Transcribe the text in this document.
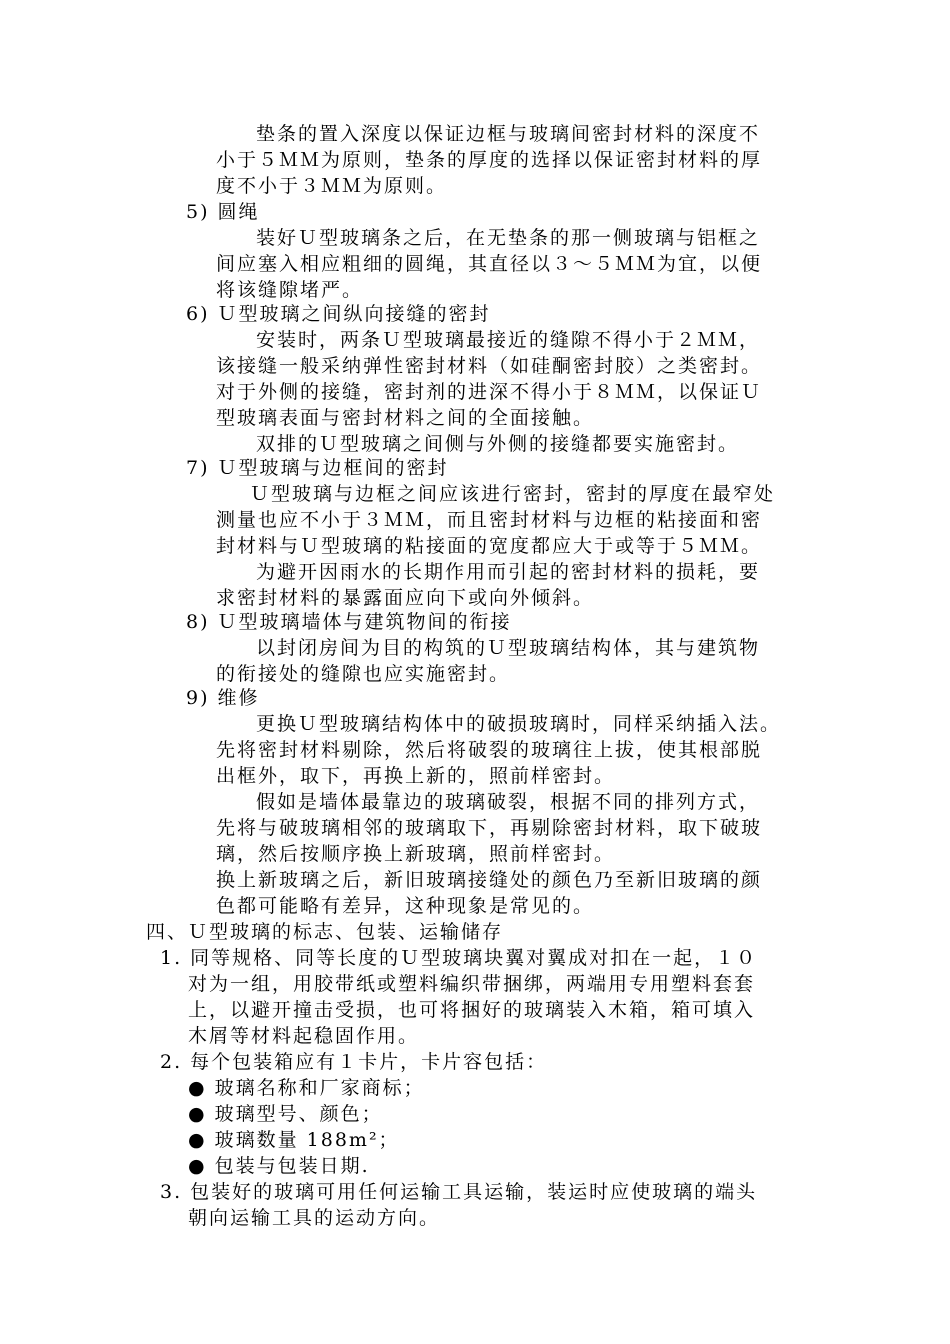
垫条的置入深度以保证边框与玻璃间密封材料的深度不
小于５ＭＭ为原则，垫条的厚度的选择以保证密封材料的厚
度不小于３ＭＭ为原则。
5) 圆绳
装好Ｕ型玻璃条之后，在无垫条的那一侧玻璃与铝框之
间应塞入相应粗细的圆绳，其直径以３～５ＭＭ为宜，以便
将该缝隙堵严。
6) Ｕ型玻璃之间纵向接缝的密封
安装时，两条Ｕ型玻璃最接近的缝隙不得小于２ＭＭ，
该接缝一般采纳弹性密封材料（如硅酮密封胶）之类密封。
对于外侧的接缝，密封剂的进深不得小于８ＭＭ，以保证Ｕ
型玻璃表面与密封材料之间的全面接触。
双排的Ｕ型玻璃之间侧与外侧的接缝都要实施密封。
7) Ｕ型玻璃与边框间的密封
Ｕ型玻璃与边框之间应该进行密封，密封的厚度在最窄处
测量也应不小于３ＭＭ，而且密封材料与边框的粘接面和密
封材料与Ｕ型玻璃的粘接面的宽度都应大于或等于５ＭＭ。
为避开因雨水的长期作用而引起的密封材料的损耗，要
求密封材料的暴露面应向下或向外倾斜。
8) Ｕ型玻璃墙体与建筑物间的衔接
以封闭房间为目的构筑的Ｕ型玻璃结构体，其与建筑物
的衔接处的缝隙也应实施密封。
9) 维修
更换Ｕ型玻璃结构体中的破损玻璃时，同样采纳插入法。
先将密封材料剔除，然后将破裂的玻璃往上拔，使其根部脱
出框外，取下，再换上新的，照前样密封。
假如是墙体最靠边的玻璃破裂，根据不同的排列方式，
先将与破玻璃相邻的玻璃取下，再剔除密封材料，取下破玻
璃，然后按顺序换上新玻璃，照前样密封。
换上新玻璃之后，新旧玻璃接缝处的颜色乃至新旧玻璃的颜
色都可能略有差异，这种现象是常见的。
四、Ｕ型玻璃的标志、包装、运输储存
1. 同等规格、同等长度的Ｕ型玻璃块翼对翼成对扣在一起，１０
对为一组，用胶带纸或塑料编织带捆绑，两端用专用塑料套套
上，以避开撞击受损，也可将捆好的玻璃装入木箱，箱可填入
木屑等材料起稳固作用。
2. 每个包装箱应有１卡片，卡片容包括：
● 玻璃名称和厂家商标；
● 玻璃型号、颜色；
● 玻璃数量 188m²；
● 包装与包装日期.
3. 包装好的玻璃可用任何运输工具运输，装运时应使玻璃的端头
朝向运输工具的运动方向。
